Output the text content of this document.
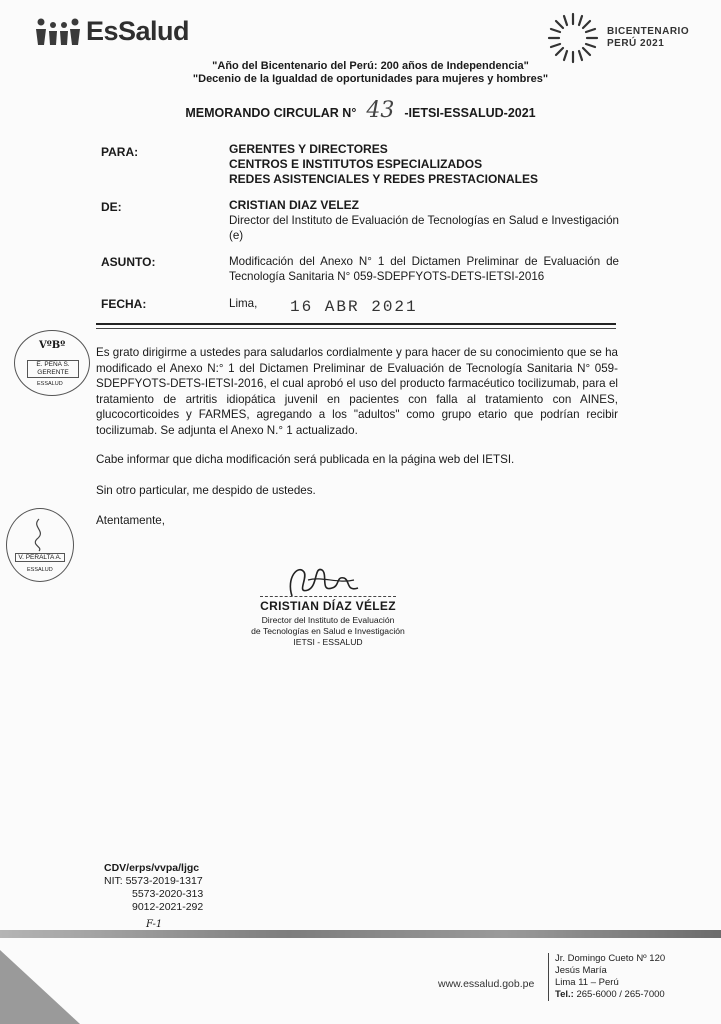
EsSalud	BICENTENARIO
PERÚ 2021
"Año del Bicentenario del Perú: 200 años de Independencia"
"Decenio de la Igualdad de oportunidades para mujeres y hombres"
MEMORANDO CIRCULAR N° 43 -IETSI-ESSALUD-2021
PARA:	GERENTES Y DIRECTORES
CENTROS E INSTITUTOS ESPECIALIZADOS
REDES ASISTENCIALES Y REDES PRESTACIONALES
DE:	CRISTIAN DIAZ VELEZ
Director del Instituto de Evaluación de Tecnologías en Salud e Investigación (e)
ASUNTO:	Modificación del Anexo N° 1 del Dictamen Preliminar de Evaluación de Tecnología Sanitaria N° 059-SDEPFYOTS-DETS-IETSI-2016
FECHA:	Lima, 16 ABR 2021
VºBº
E. PEÑA S.
GERENTE
ESSALUD
Es grato dirigirme a ustedes para saludarlos cordialmente y para hacer de su conocimiento que se ha modificado el Anexo N:° 1 del Dictamen Preliminar de Evaluación de Tecnología Sanitaria N° 059-SDEPFYOTS-DETS-IETSI-2016, el cual aprobó el uso del producto farmacéutico tocilizumab, para el tratamiento de artritis idiopática juvenil en pacientes con falla al tratamiento con AINES, glucocorticoides y FARMES, agregando a los "adultos" como grupo etario que podrían recibir tocilizumab. Se adjunta el Anexo N.° 1 actualizado.
Cabe informar que dicha modificación será publicada en la página web del IETSI.
Sin otro particular, me despido de ustedes.
Atentamente,
V. PERALTA A.
ESSALUD
CRISTIAN DÍAZ VÉLEZ
Director del Instituto de Evaluación
de Tecnologías en Salud e Investigación
IETSI - ESSALUD
CDV/erps/vvpa/ljgc
NIT: 5573-2019-1317
5573-2020-313
9012-2021-292
F-1
www.essalud.gob.pe
Jr. Domingo Cueto Nº 120
Jesús María
Lima 11 – Perú
Tel.: 265-6000 / 265-7000
